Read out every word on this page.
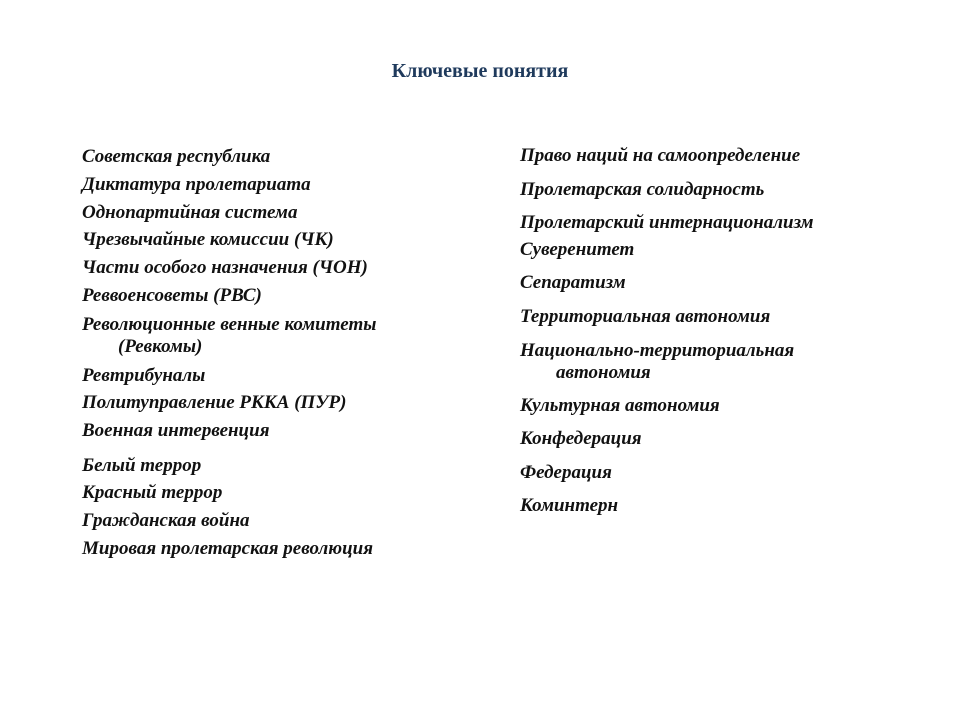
Ключевые понятия
Советская республика
Диктатура пролетариата
Однопартийная система
Чрезвычайные комиссии (ЧК)
Части особого назначения (ЧОН)
Реввоенсоветы (РВС)
Революционные венные комитеты
(Ревкомы)
Ревтрибуналы
Политуправление РККА (ПУР)
Военная интервенция
Белый террор
Красный террор
Гражданская война
Мировая пролетарская революция
Право наций на самоопределение
Пролетарская солидарность
Пролетарский интернационализм
Суверенитет
Сепаратизм
Территориальная автономия
Национально-территориальная
автономия
Культурная автономия
Конфедерация
Федерация
Коминтерн
